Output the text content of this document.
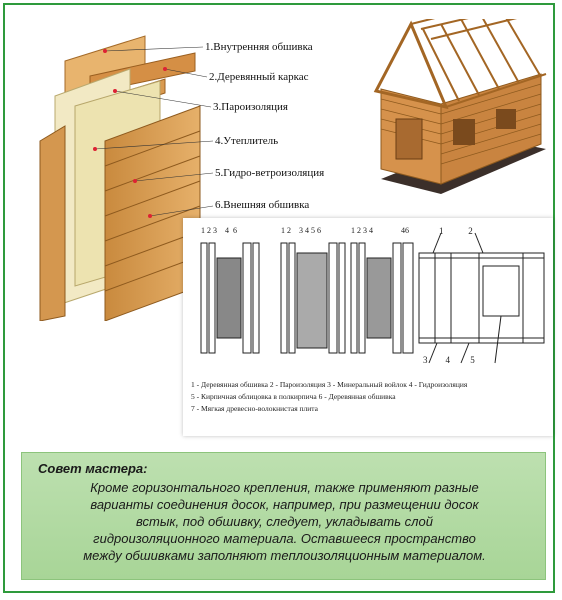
1.Внутренняя обшивка
2.Деревянный каркас
3.Пароизоляция
4.Утеплитель
5.Гидро-ветроизоляция
6.Внешняя обшивка
1 2 3 4 6	1 2 3 4 5 6	1 2 3 4	46	1	2
3 4 5
1 - Деревянная обшивка 2 - Пароизоляция 3 - Минеральный войлок 4 - Гидроизоляция
5 - Кирпичная облицовка в полкирпича 6 - Деревянная обшивка
7 - Мягкая древесно-волокнистая плита
Совет мастера:
Кроме горизонтального крепления, также применяют разные
варианты соединения досок, например, при размещении досок
встык, под обшивку, следует, укладывать слой
гидроизоляционного материала. Оставшееся пространство
между обшивками заполняют теплоизоляционным материалом.
